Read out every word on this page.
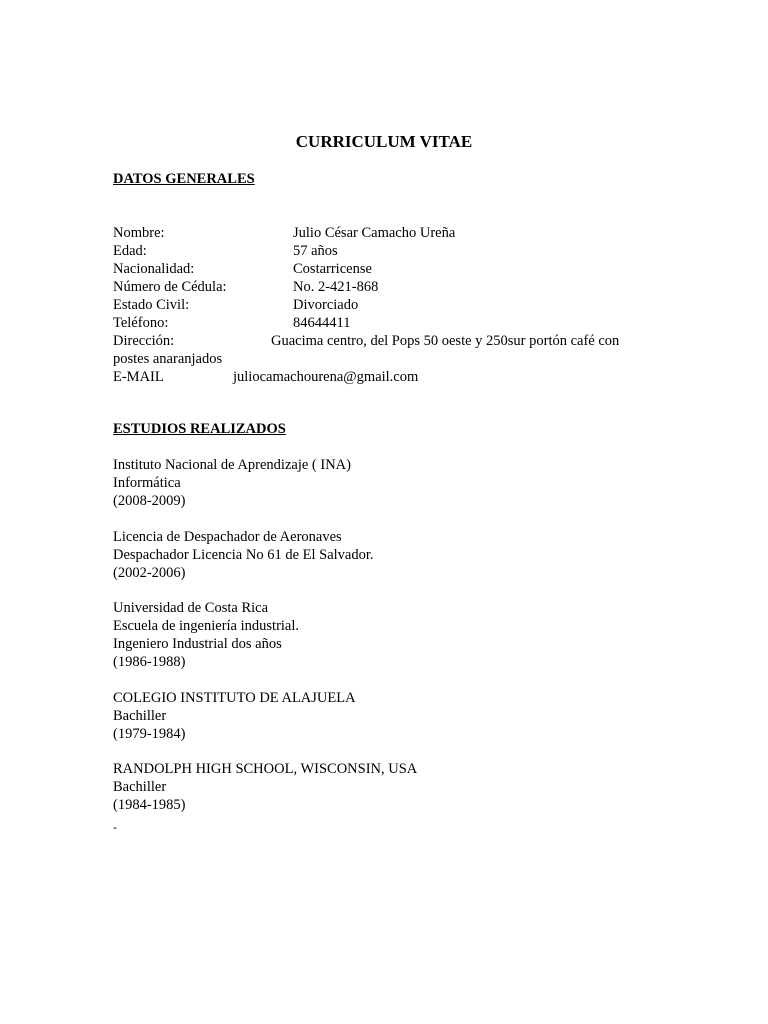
CURRICULUM VITAE
DATOS GENERALES
Nombre:	Julio César Camacho Ureña
Edad:	57 años
Nacionalidad:	Costarricense
Número de Cédula:	No. 2-421-868
Estado Civil:	Divorciado
Teléfono:	84644411
Dirección:	Guacima centro, del Pops 50 oeste y 250sur portón café con
postes anaranjados
E-MAIL	juliocamachourena@gmail.com
ESTUDIOS REALIZADOS
Instituto Nacional de Aprendizaje ( INA)
Informática
(2008-2009)
Licencia de Despachador de Aeronaves
Despachador Licencia No 61 de El Salvador.
(2002-2006)
Universidad de Costa Rica
Escuela de ingeniería industrial.
Ingeniero Industrial dos años
(1986-1988)
COLEGIO INSTITUTO DE ALAJUELA
Bachiller
(1979-1984)
RANDOLPH HIGH SCHOOL, WISCONSIN, USA
Bachiller
(1984-1985)
-
